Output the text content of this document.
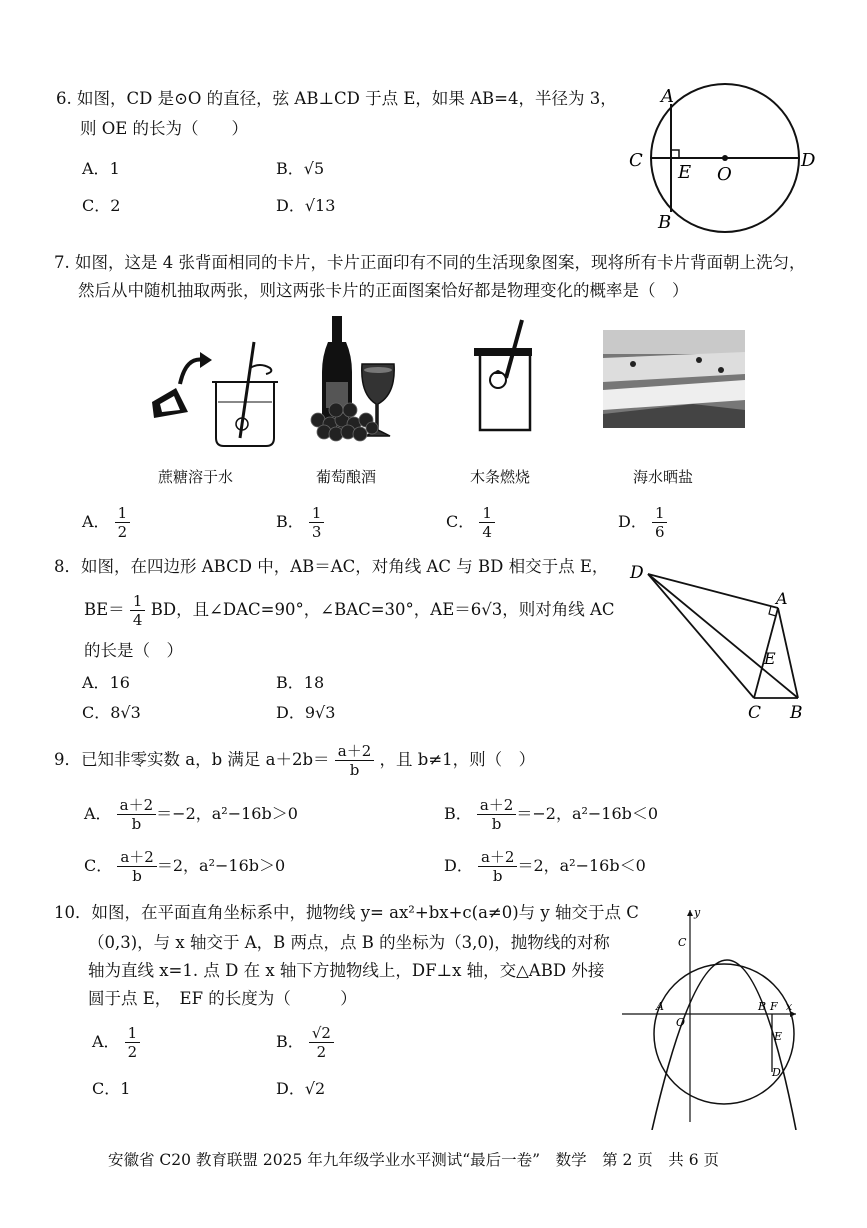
6. 如图，CD 是⊙O 的直径，弦 AB⊥CD 于点 E，如果 AB=4，半径为 3，
则 OE 的长为（　　）
A．1	B．√5
C．2	D．√13
A
C	D
E O
B
7. 如图，这是 4 张背面相同的卡片，卡片正面印有不同的生活现象图案，现将所有卡片背面朝上洗匀，
然后从中随机抽取两张，则这两张卡片的正面图案恰好都是物理变化的概率是（　）
蔗糖溶于水	葡萄酿酒	木条燃烧	海水晒盐
A． $\frac{1}{2}$	B． $\frac{1}{3}$	C． $\frac{1}{4}$	D． $\frac{1}{6}$
8．如图，在四边形 ABCD 中，AB＝AC，对角线 AC 与 BD 相交于点 E，
$BE= \frac{1}{4}$ BD，且∠DAC=90°，∠BAC=30°，AE＝6√3，则对角线 AC
的长是（　）
A．16	B．18
C．8√3	D．9√3
D
A
E
C B
9．已知非零实数 a，b 满足 $a+2b= \frac{a+2}{b}$ ，且 b≠1，则（　）
A． $\frac{a+2}{b} =-2$，a²−16b＞0	B． $\frac{a+2}{b} =-2$，a²−16b＜0
C． $\frac{a+2}{b} =2$，a²−16b＞0	D． $\frac{a+2}{b} =2$，a²−16b＜0
10．如图，在平面直角坐标系中，抛物线 y= ax²+bx+c(a≠0)与 y 轴交于点 C
（0,3)，与 x 轴交于 A，B 两点，点 B 的坐标为（3,0)，抛物线的对称
轴为直线 x=1. 点 D 在 x 轴下方抛物线上，DF⊥x 轴，交△ABD 外接
圆于点 E，　EF 的长度为（　　　）
A． $\frac{1}{2}$	B． $\frac{√2}{2}$
C．1	D．√2
y
x
C
A
O
B F
E
D
安徽省 C20 教育联盟 2025 年九年级学业水平测试“最后一卷”　数学　第 2 页　共 6 页
